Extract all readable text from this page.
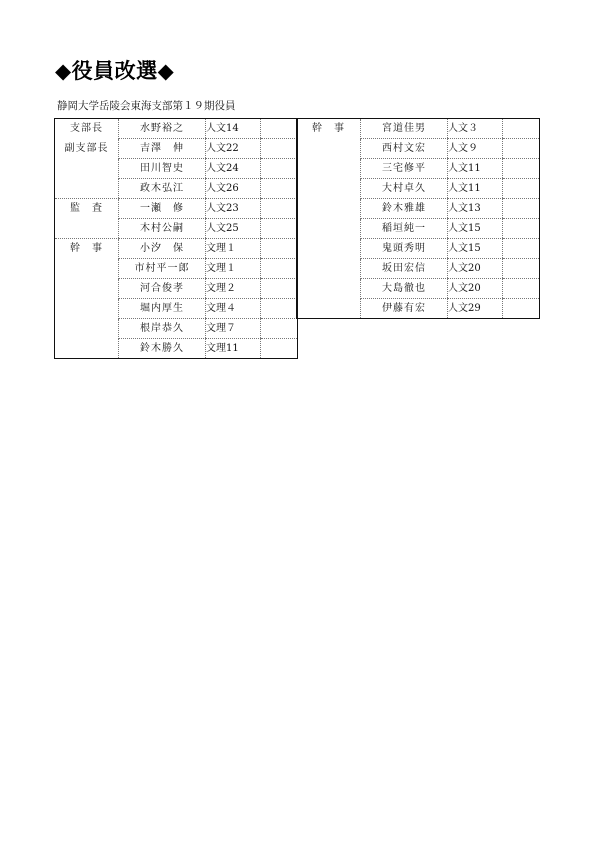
◆役員改選◆
静岡大学岳陵会東海支部第１９期役員
支部長	水野裕之	人文14	
副支部長	吉澤　伸	人文22	
	田川智史	人文24	
	政木弘江	人文26	
監　査	一瀬　修	人文23	
	木村公嗣	人文25	
幹　事	小汐　保	文理１	
	市村平一郎	文理１	
	河合俊孝	文理２	
	堀内厚生	文理４	
	根岸恭久	文理７	
	鈴木勝久	文理11	
幹　事	宮道佳男	人文３	
	西村文宏	人文９	
	三宅修平	人文11	
	大村卓久	人文11	
	鈴木雅雄	人文13	
	稲垣純一	人文15	
	鬼頭秀明	人文15	
	坂田宏信	人文20	
	大島徹也	人文20	
	伊藤有宏	人文29	
